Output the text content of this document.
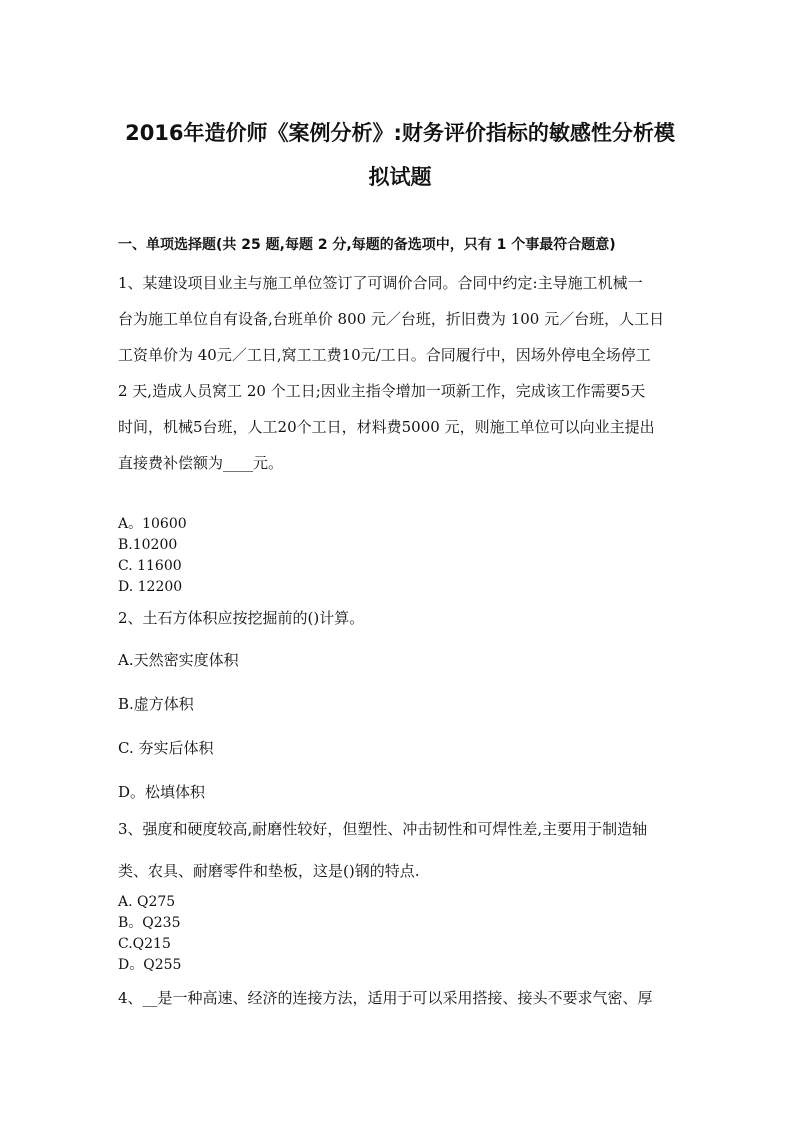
2016年造价师《案例分析》:财务评价指标的敏感性分析模
拟试题
一、单项选择题(共 25 题,每题 2 分,每题的备选项中，只有 1 个事最符合题意)

1、某建设项目业主与施工单位签订了可调价合同。合同中约定:主导施工机械一

台为施工单位自有设备,台班单价 800 元／台班，折旧费为 100 元／台班，人工日

工资单价为 40元／工日,窝工工费10元/工日。合同履行中，因场外停电全场停工

2 天,造成人员窝工 20 个工日;因业主指令增加一项新工作，完成该工作需要5天

时间，机械5台班，人工20个工日，材料费5000 元，则施工单位可以向业主提出

直接费补偿额为____元。

A。10600
B.10200
C. 11600
D. 12200

2、土石方体积应按挖掘前的()计算。

A.天然密实度体积
B.虚方体积
C. 夯实后体积
D。松填体积

3、强度和硬度较高,耐磨性较好，但塑性、冲击韧性和可焊性差,主要用于制造轴

类、农具、耐磨零件和垫板，这是()钢的特点.

A. Q275
B。Q235
C.Q215
D。Q255

4、__是一种高速、经济的连接方法，适用于可以采用搭接、接头不要求气密、厚
